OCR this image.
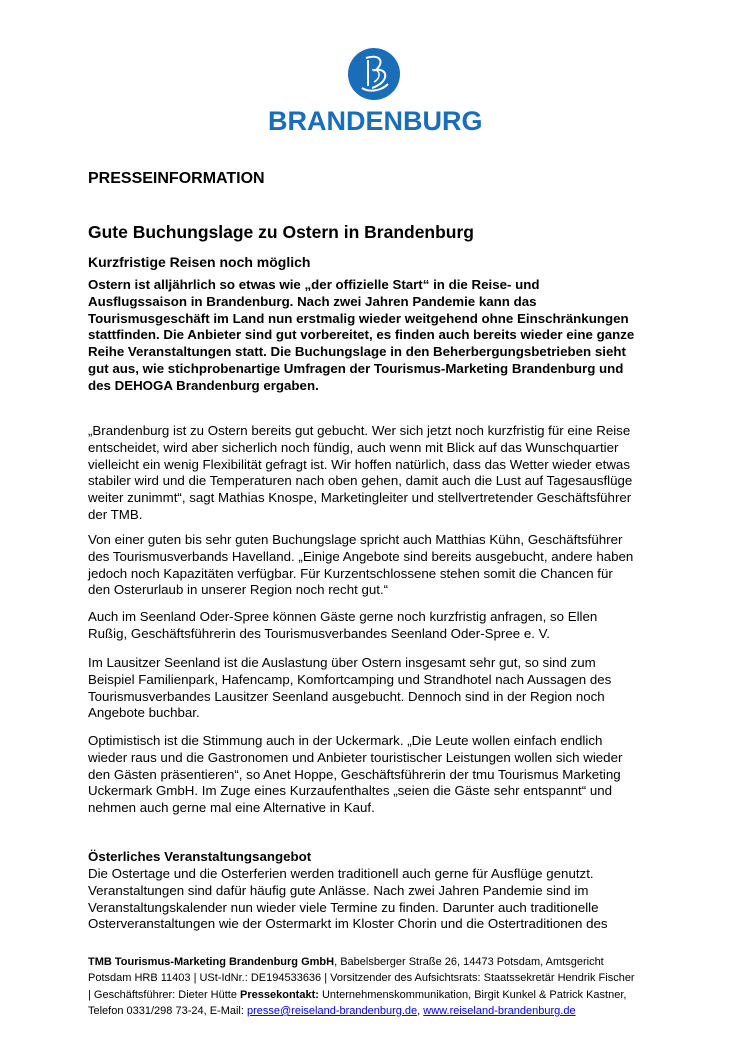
BRANDENBURG
PRESSEINFORMATION
Gute Buchungslage zu Ostern in Brandenburg
Kurzfristige Reisen noch möglich
Ostern ist alljährlich so etwas wie „der offizielle Start“ in die Reise- und
Ausflugssaison in Brandenburg. Nach zwei Jahren Pandemie kann das
Tourismusgeschäft im Land nun erstmalig wieder weitgehend ohne Einschränkungen
stattfinden. Die Anbieter sind gut vorbereitet, es finden auch bereits wieder eine ganze
Reihe Veranstaltungen statt. Die Buchungslage in den Beherbergungsbetrieben sieht
gut aus, wie stichprobenartige Umfragen der Tourismus-Marketing Brandenburg und
des DEHOGA Brandenburg ergaben.
„Brandenburg ist zu Ostern bereits gut gebucht. Wer sich jetzt noch kurzfristig für eine Reise
entscheidet, wird aber sicherlich noch fündig, auch wenn mit Blick auf das Wunschquartier
vielleicht ein wenig Flexibilität gefragt ist. Wir hoffen natürlich, dass das Wetter wieder etwas
stabiler wird und die Temperaturen nach oben gehen, damit auch die Lust auf Tagesausflüge
weiter zunimmt“, sagt Mathias Knospe, Marketingleiter und stellvertretender Geschäftsführer
der TMB.
Von einer guten bis sehr guten Buchungslage spricht auch Matthias Kühn, Geschäftsführer
des Tourismusverbands Havelland. „Einige Angebote sind bereits ausgebucht, andere haben
jedoch noch Kapazitäten verfügbar. Für Kurzentschlossene stehen somit die Chancen für
den Osterurlaub in unserer Region noch recht gut.“
Auch im Seenland Oder-Spree können Gäste gerne noch kurzfristig anfragen, so Ellen
Rußig, Geschäftsführerin des Tourismusverbandes Seenland Oder-Spree e. V.
Im Lausitzer Seenland ist die Auslastung über Ostern insgesamt sehr gut, so sind zum
Beispiel Familienpark, Hafencamp, Komfortcamping und Strandhotel nach Aussagen des
Tourismusverbandes Lausitzer Seenland ausgebucht. Dennoch sind in der Region noch
Angebote buchbar.
Optimistisch ist die Stimmung auch in der Uckermark. „Die Leute wollen einfach endlich
wieder raus und die Gastronomen und Anbieter touristischer Leistungen wollen sich wieder
den Gästen präsentieren“, so Anet Hoppe, Geschäftsführerin der tmu Tourismus Marketing
Uckermark GmbH. Im Zuge eines Kurzaufenthaltes „seien die Gäste sehr entspannt“ und
nehmen auch gerne mal eine Alternative in Kauf.
Österliches Veranstaltungsangebot
Die Ostertage und die Osterferien werden traditionell auch gerne für Ausflüge genutzt.
Veranstaltungen sind dafür häufig gute Anlässe. Nach zwei Jahren Pandemie sind im
Veranstaltungskalender nun wieder viele Termine zu finden. Darunter auch traditionelle
Osterveranstaltungen wie der Ostermarkt im Kloster Chorin und die Ostertraditionen des
TMB Tourismus-Marketing Brandenburg GmbH, Babelsberger Straße 26, 14473 Potsdam, Amtsgericht
Potsdam HRB 11403 | USt-IdNr.: DE194533636 | Vorsitzender des Aufsichtsrats: Staatssekretär Hendrik Fischer
| Geschäftsführer: Dieter Hütte Pressekontakt: Unternehmenskommunikation, Birgit Kunkel & Patrick Kastner,
Telefon 0331/298 73-24, E-Mail: presse@reiseland-brandenburg.de, www.reiseland-brandenburg.de
